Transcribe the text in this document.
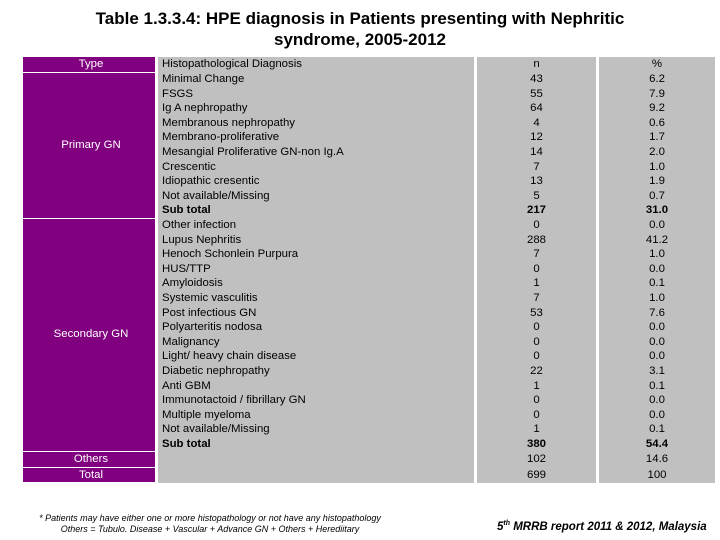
Table 1.3.3.4: HPE diagnosis in Patients presenting with Nephritic
syndrome, 2005-2012
Type		Histopathological Diagnosis		n		%
Primary GN		Minimal Change		43		6.2
		FSGS		55		7.9
		Ig A nephropathy		64		9.2
		Membranous nephropathy		4		0.6
		Membrano-proliferative		12		1.7
		Mesangial Proliferative GN-non Ig.A		14		2.0
		Crescentic		7		1.0
		Idiopathic cresentic		13		1.9
		Not available/Missing		5		0.7
		Sub total		217		31.0
Secondary GN		Other infection		0		0.0
		Lupus Nephritis		288		41.2
		Henoch Schonlein Purpura		7		1.0
		HUS/TTP		0		0.0
		Amyloidosis		1		0.1
		Systemic vasculitis		7		1.0
		Post infectious GN		53		7.6
		Polyarteritis nodosa		0		0.0
		Malignancy		0		0.0
		Light/ heavy chain disease		0		0.0
		Diabetic nephropathy		22		3.1
		Anti GBM		1		0.1
		Immunotactoid / fibrillary GN		0		0.0
		Multiple myeloma		0		0.0
		Not available/Missing		1		0.1
		Sub total		380		54.4
Others				102		14.6
Total				699		100
* Patients may have either one or more histopathology or not have any histopathology
Others = Tubulo. Disease + Vascular + Advance GN + Others + Herediitary	5th MRRB report 2011 & 2012, Malaysia
